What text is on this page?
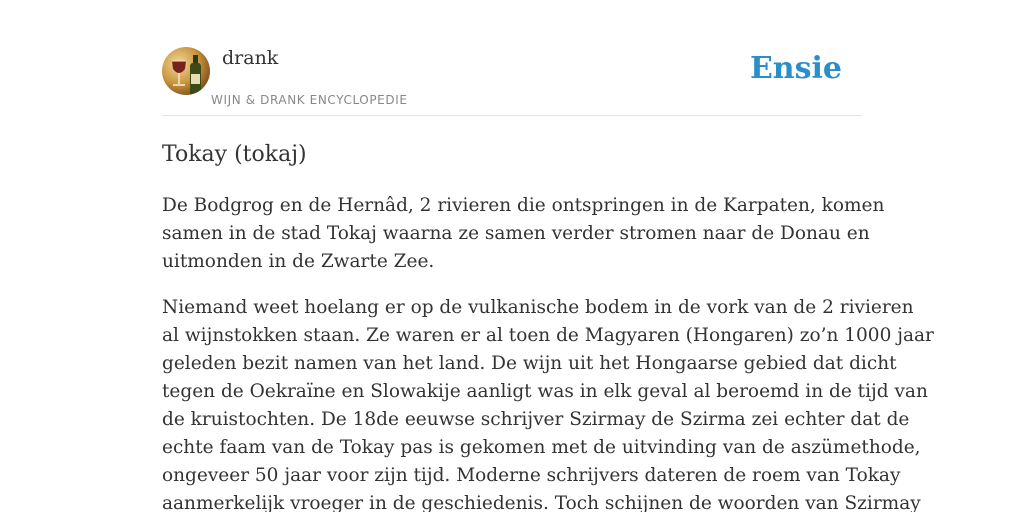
drank
WIJN & DRANK ENCYCLOPEDIE
Ensie
Tokay (tokaj)

De Bodgrog en de Hernâd, 2 rivieren die ontspringen in de Karpaten, komen
samen in de stad Tokaj waarna ze samen verder stromen naar de Donau en
uitmonden in de Zwarte Zee.

Niemand weet hoelang er op de vulkanische bodem in de vork van de 2 rivieren
al wijnstokken staan. Ze waren er al toen de Magyaren (Hongaren) zo’n 1000 jaar
geleden bezit namen van het land. De wijn uit het Hongaarse gebied dat dicht
tegen de Oekraïne en Slowakije aanligt was in elk geval al beroemd in de tijd van
de kruistochten. De 18de eeuwse schrijver Szirmay de Szirma zei echter dat de
echte faam van de Tokay pas is gekomen met de uitvinding van de aszümethode,
ongeveer 50 jaar voor zijn tijd. Moderne schrijvers dateren de roem van Tokay
aanmerkelijk vroeger in de geschiedenis. Toch schijnen de woorden van Szirmay
